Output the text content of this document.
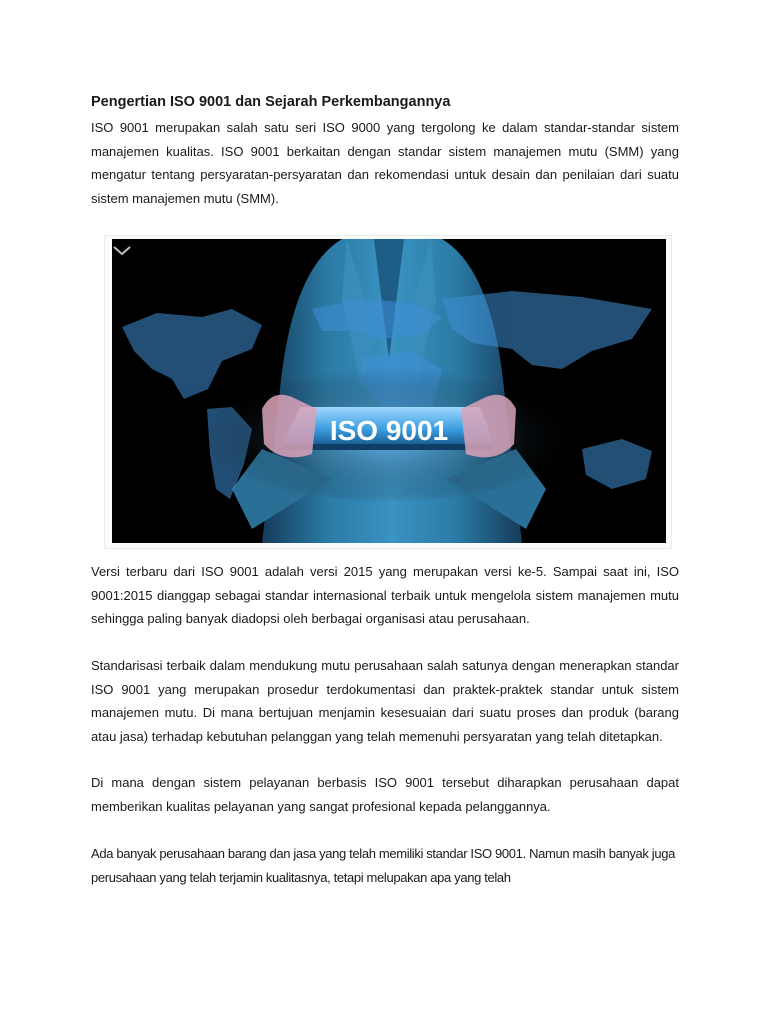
Pengertian ISO 9001 dan Sejarah Perkembangannya

ISO 9001 merupakan salah satu seri ISO 9000 yang tergolong ke dalam standar-standar sistem manajemen kualitas. ISO 9001 berkaitan dengan standar sistem manajemen mutu (SMM) yang mengatur tentang persyaratan-persyaratan dan rekomendasi untuk desain dan penilaian dari suatu sistem manajemen mutu (SMM).

Versi terbaru dari ISO 9001 adalah versi 2015 yang merupakan versi ke-5. Sampai saat ini, ISO 9001:2015 dianggap sebagai standar internasional terbaik untuk mengelola sistem manajemen mutu sehingga paling banyak diadopsi oleh berbagai organisasi atau perusahaan.

Standarisasi terbaik dalam mendukung mutu perusahaan salah satunya dengan menerapkan standar ISO 9001 yang merupakan prosedur terdokumentasi dan praktek-praktek standar untuk sistem manajemen mutu. Di mana bertujuan menjamin kesesuaian dari suatu proses dan produk (barang atau jasa) terhadap kebutuhan pelanggan yang telah memenuhi persyaratan yang telah ditetapkan.

Di mana dengan sistem pelayanan berbasis ISO 9001 tersebut diharapkan perusahaan dapat memberikan kualitas pelayanan yang sangat profesional kepada pelanggannya.

Ada banyak perusahaan barang dan jasa yang telah memiliki standar ISO 9001. Namun masih banyak juga perusahaan yang telah terjamin kualitasnya, tetapi melupakan apa yang telah

ISO 9001
